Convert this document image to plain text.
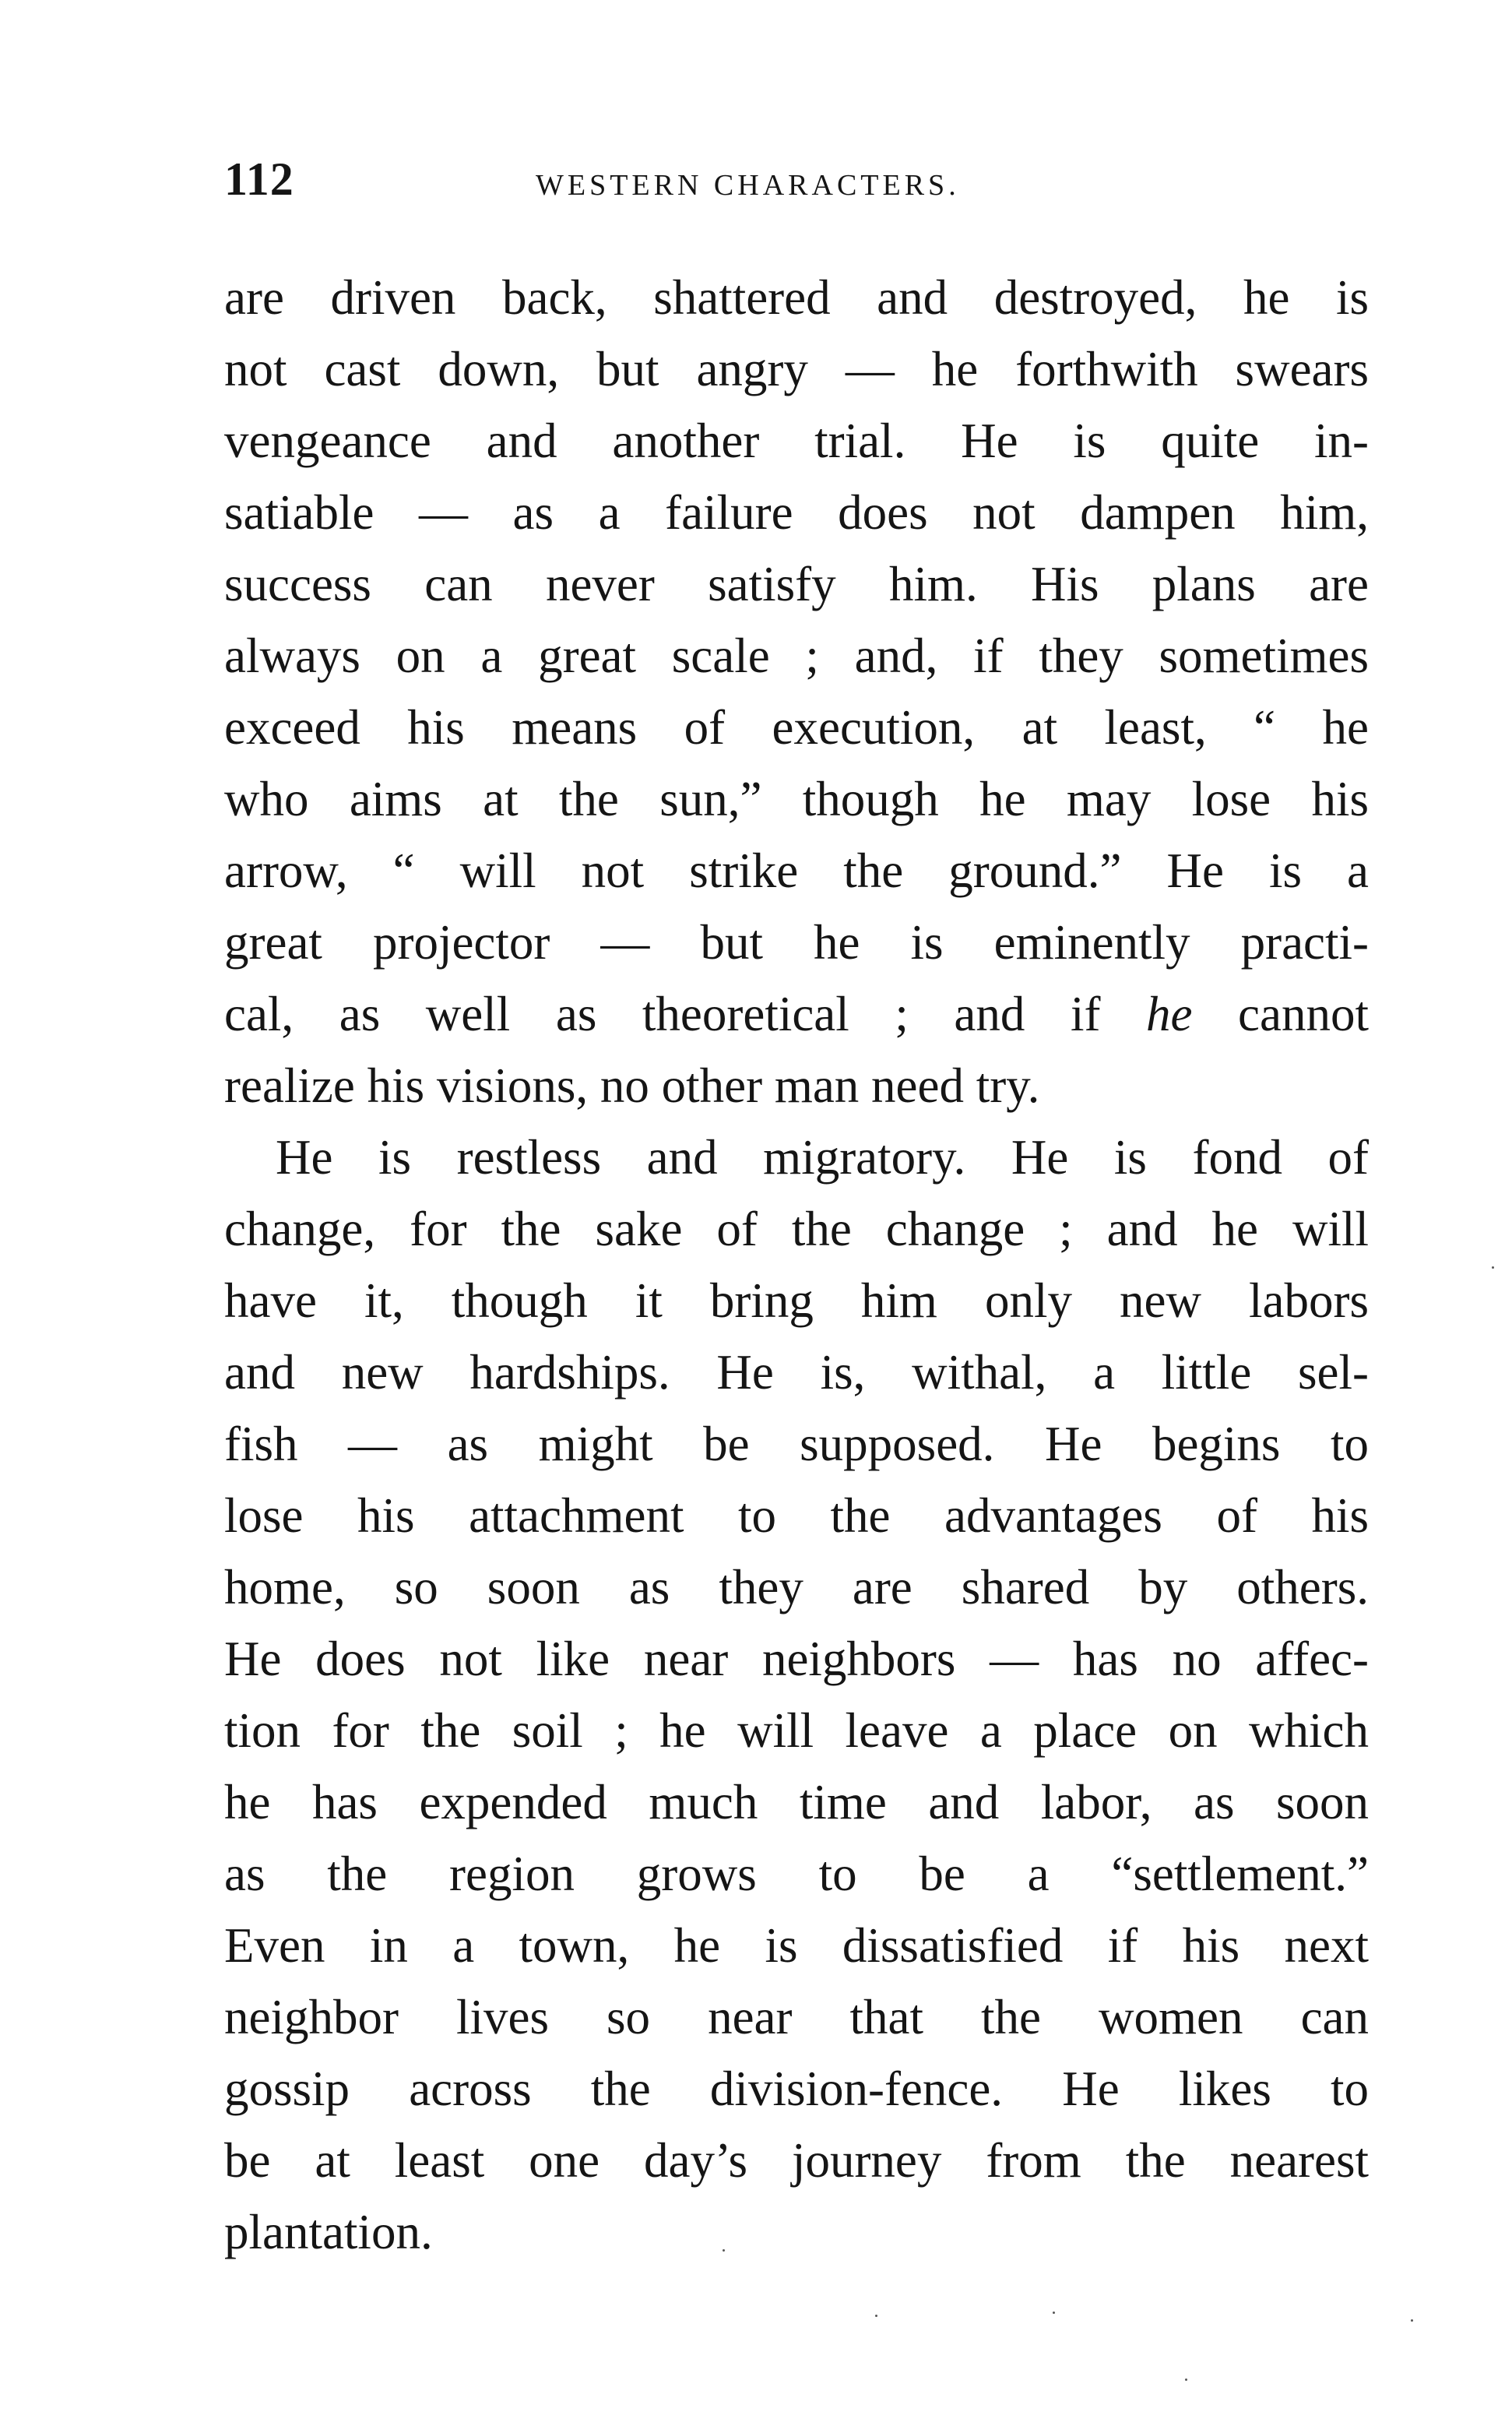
112	WESTERN CHARACTERS.
are driven back, shattered and destroyed, he is
not cast down, but angry — he forthwith swears
vengeance and another trial. He is quite in-
satiable — as a failure does not dampen him,
success can never satisfy him. His plans are
always on a great scale ; and, if they sometimes
exceed his means of execution, at least, “ he
who aims at the sun,” though he may lose his
arrow, “ will not strike the ground.” He is a
great projector — but he is eminently practi-
cal, as well as theoretical ; and if he cannot
realize his visions, no other man need try.
He is restless and migratory. He is fond of
change, for the sake of the change ; and he will
have it, though it bring him only new labors
and new hardships. He is, withal, a little sel-
fish — as might be supposed. He begins to
lose his attachment to the advantages of his
home, so soon as they are shared by others.
He does not like near neighbors — has no affec-
tion for the soil ; he will leave a place on which
he has expended much time and labor, as soon
as the region grows to be a “settlement.”
Even in a town, he is dissatisfied if his next
neighbor lives so near that the women can
gossip across the division-fence. He likes to
be at least one day’s journey from the nearest
plantation.
